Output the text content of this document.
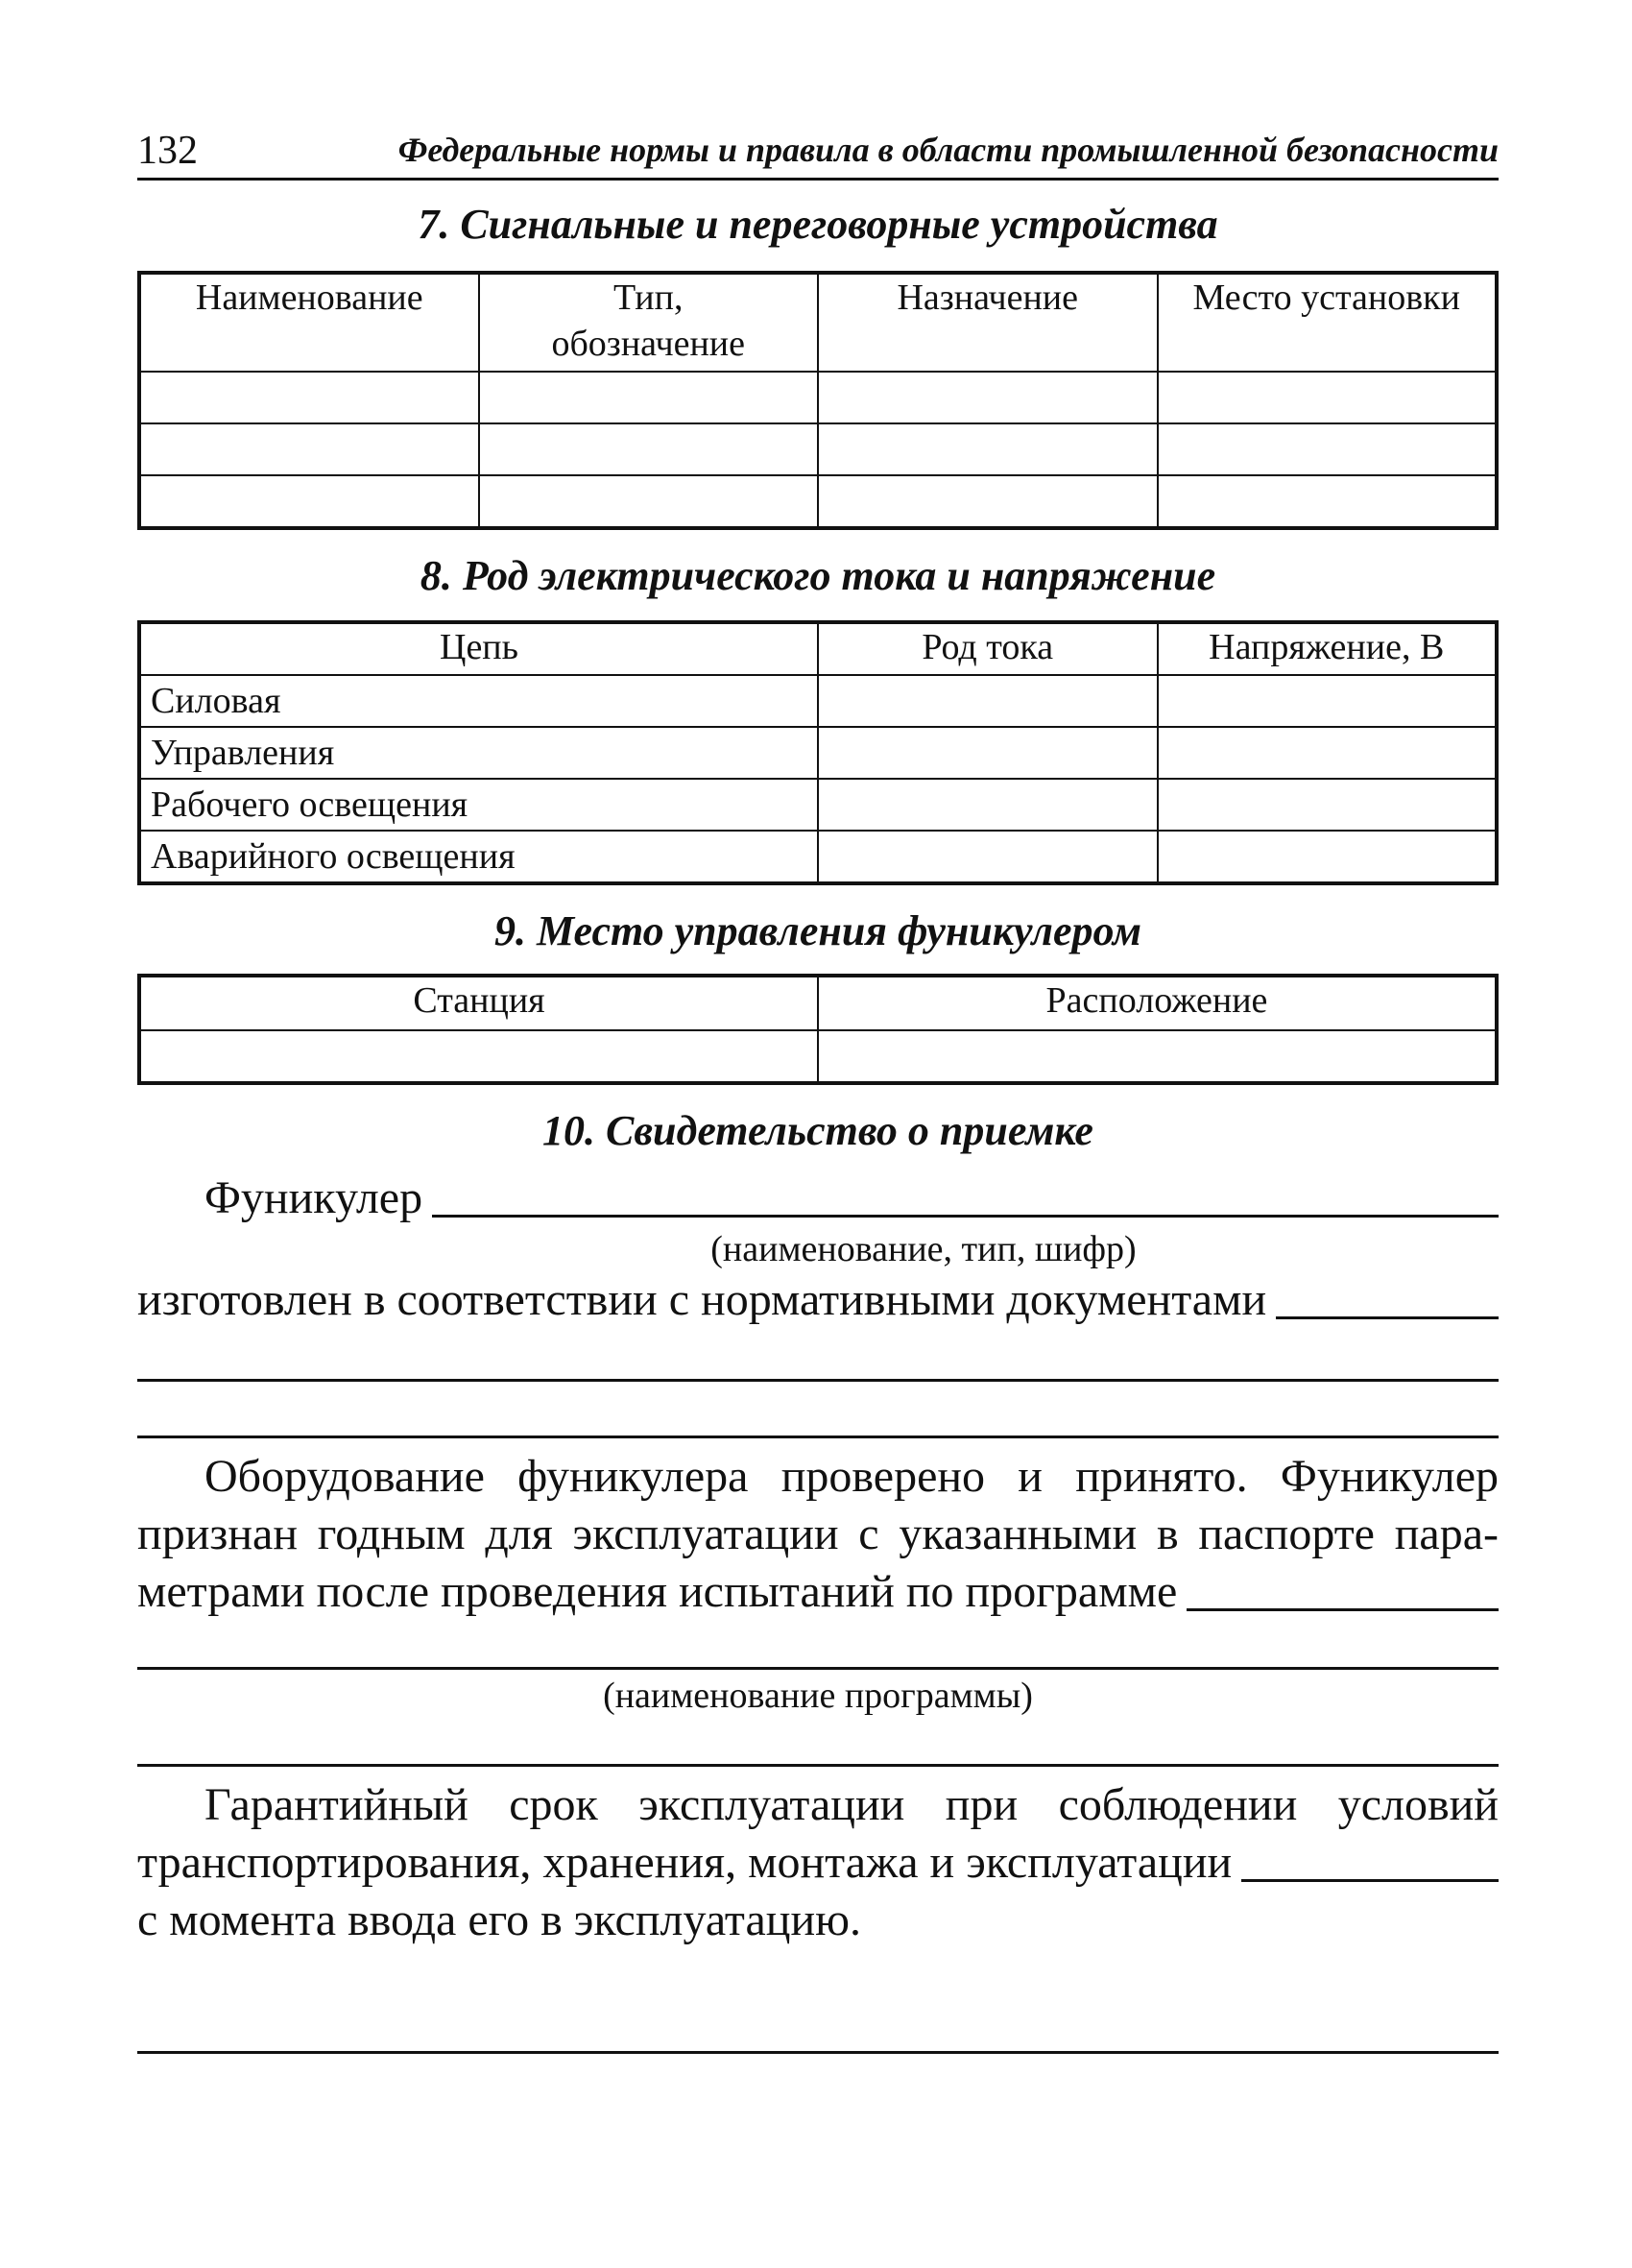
132	Федеральные нормы и правила в области промышленной безопасности
7. Сигнальные и переговорные устройства
Наименование	Тип, обозначение	Назначение	Место установки

8. Род электрического тока и напряжение
Цепь	Род тока	Напряжение, В
Силовая		
Управления		
Рабочего освещения		
Аварийного освещения		
9. Место управления фуникулером
Станция	Расположение

10. Свидетельство о приемке
Фуникулер
(наименование, тип, шифр)
изготовлен в соответствии с нормативными документами
Оборудование фуникулера проверено и принято. Фуникулер
признан годным для эксплуатации с указанными в паспорте пара-
метрами после проведения испытаний по программе
(наименование программы)
Гарантийный срок эксплуатации при соблюдении условий
транспортирования, хранения, монтажа и эксплуатации
с момента ввода его в эксплуатацию.
